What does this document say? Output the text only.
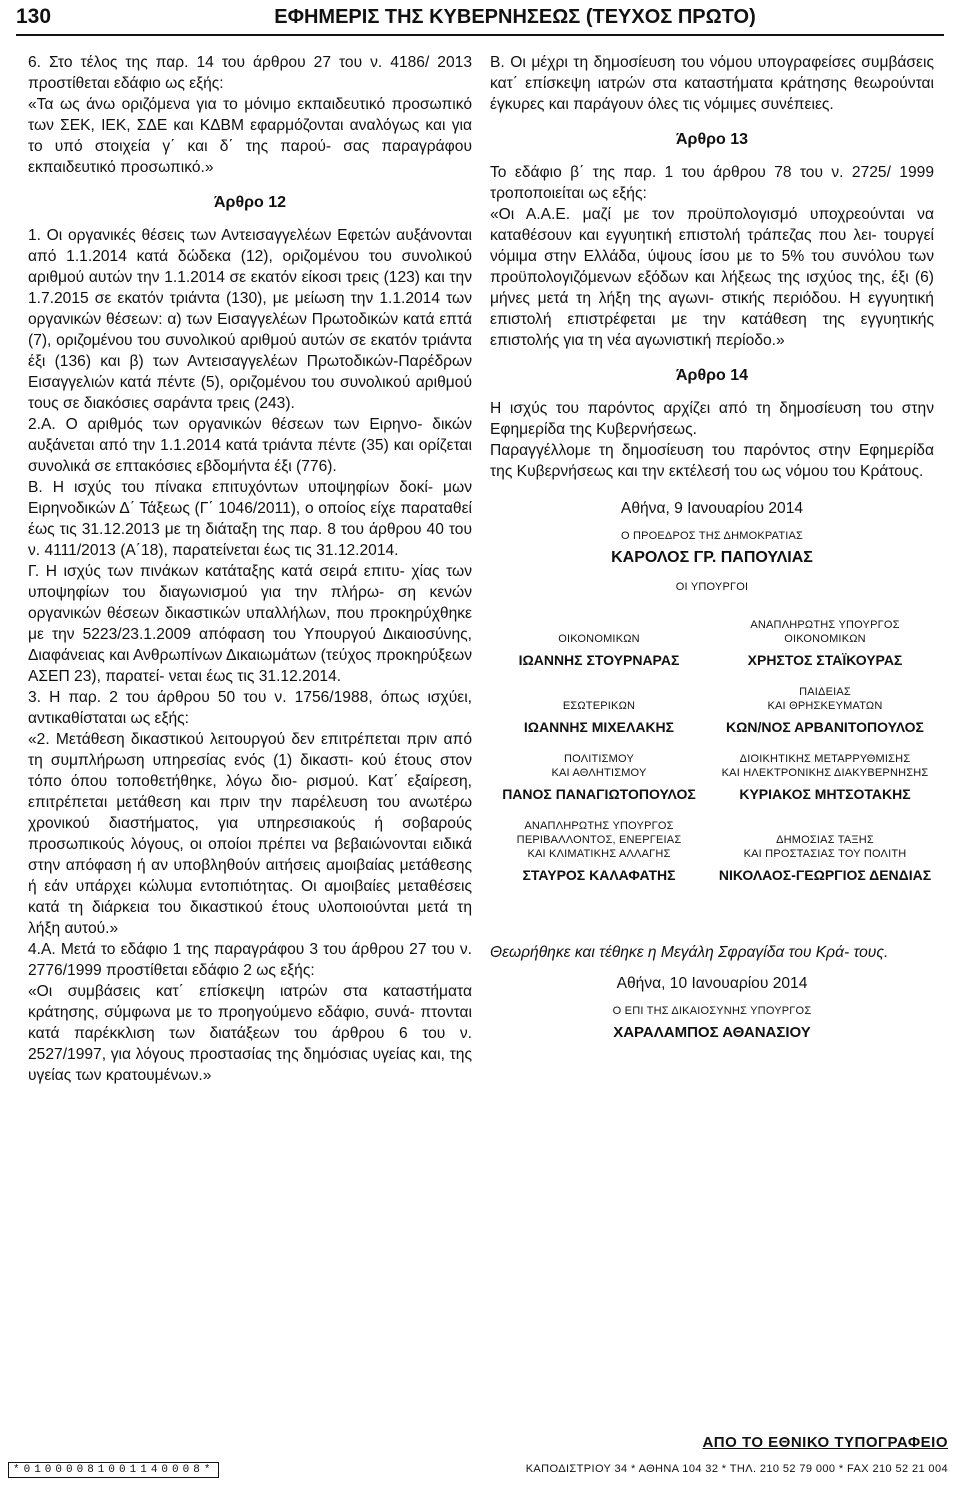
130	ΕΦΗΜΕΡΙΣ ΤΗΣ ΚΥΒΕΡΝΗΣΕΩΣ (ΤΕΥΧΟΣ ΠΡΩΤΟ)

6. Στο τέλος της παρ. 14 του άρθρου 27 του ν. 4186/ 2013 προστίθεται εδάφιο ως εξής:

«Τα ως άνω οριζόμενα για το μόνιμο εκπαιδευτικό προσωπικό των ΣΕΚ, ΙΕΚ, ΣΔΕ και ΚΔΒΜ εφαρμόζονται αναλόγως και για το υπό στοιχεία γ΄ και δ΄ της παρού- σας παραγράφου εκπαιδευτικό προσωπικό.»

Άρθρο 12

1. Οι οργανικές θέσεις των Αντεισαγγελέων Εφετών αυξάνονται από 1.1.2014 κατά δώδεκα (12), οριζομένου του συνολικού αριθμού αυτών την 1.1.2014 σε εκατόν είκοσι τρεις (123) και την 1.7.2015 σε εκατόν τριάντα (130), με μείωση την 1.1.2014 των οργανικών θέσεων: α) των Εισαγγελέων Πρωτοδικών κατά επτά (7), οριζομένου του συνολικού αριθμού αυτών σε εκατόν τριάντα έξι (136) και β) των Αντεισαγγελέων Πρωτοδικών-Παρέδρων Εισαγγελιών κατά πέντε (5), οριζομένου του συνολικού αριθμού τους σε διακόσιες σαράντα τρεις (243).

2.Α. Ο αριθμός των οργανικών θέσεων των Ειρηνο- δικών αυξάνεται από την 1.1.2014 κατά τριάντα πέντε (35) και ορίζεται συνολικά σε επτακόσιες εβδομήντα έξι (776).

Β. Η ισχύς του πίνακα επιτυχόντων υποψηφίων δοκί- μων Ειρηνοδικών Δ΄ Τάξεως (Γ΄ 1046/2011), ο οποίος είχε παραταθεί έως τις 31.12.2013 με τη διάταξη της παρ. 8 του άρθρου 40 του ν. 4111/2013 (Α΄18), παρατείνεται έως τις 31.12.2014.

Γ. Η ισχύς των πινάκων κατάταξης κατά σειρά επιτυ- χίας των υποψηφίων του διαγωνισμού για την πλήρω- ση κενών οργανικών θέσεων δικαστικών υπαλλήλων, που προκηρύχθηκε με την 5223/23.1.2009 απόφαση του Υπουργού Δικαιοσύνης, Διαφάνειας και Ανθρωπίνων Δικαιωμάτων (τεύχος προκηρύξεων ΑΣΕΠ 23), παρατεί- νεται έως τις 31.12.2014.

3. Η παρ. 2 του άρθρου 50 του ν. 1756/1988, όπως ισχύει, αντικαθίσταται ως εξής:

«2. Μετάθεση δικαστικού λειτουργού δεν επιτρέπεται πριν από τη συμπλήρωση υπηρεσίας ενός (1) δικαστι- κού έτους στον τόπο όπου τοποθετήθηκε, λόγω διο- ρισμού. Κατ΄ εξαίρεση, επιτρέπεται μετάθεση και πριν την παρέλευση του ανωτέρω χρονικού διαστήματος, για υπηρεσιακούς ή σοβαρούς προσωπικούς λόγους, οι οποίοι πρέπει να βεβαιώνονται ειδικά στην απόφαση ή αν υποβληθούν αιτήσεις αμοιβαίας μετάθεσης ή εάν υπάρχει κώλυμα εντοπιότητας. Οι αμοιβαίες μεταθέσεις κατά τη διάρκεια του δικαστικού έτους υλοποιούνται μετά τη λήξη αυτού.»

4.Α. Μετά το εδάφιο 1 της παραγράφου 3 του άρθρου 27 του ν. 2776/1999 προστίθεται εδάφιο 2 ως εξής:

«Οι συμβάσεις κατ΄ επίσκεψη ιατρών στα καταστήματα κράτησης, σύμφωνα με το προηγούμενο εδάφιο, συνά- πτονται κατά παρέκκλιση των διατάξεων του άρθρου 6 του ν. 2527/1997, για λόγους προστασίας της δημόσιας υγείας και, της υγείας των κρατουμένων.»

Β. Οι μέχρι τη δημοσίευση του νόμου υπογραφείσες συμβάσεις κατ΄ επίσκεψη ιατρών στα καταστήματα κράτησης θεωρούνται έγκυρες και παράγουν όλες τις νόμιμες συνέπειες.

Άρθρο 13

Το εδάφιο β΄ της παρ. 1 του άρθρου 78 του ν. 2725/ 1999 τροποποιείται ως εξής:

«Οι Α.Α.Ε. μαζί με τον προϋπολογισμό υποχρεούνται να καταθέσουν και εγγυητική επιστολή τράπεζας που λει- τουργεί νόμιμα στην Ελλάδα, ύψους ίσου με το 5% του συνόλου των προϋπολογιζόμενων εξόδων και λήξεως της ισχύος της, έξι (6) μήνες μετά τη λήξη της αγωνι- στικής περιόδου. Η εγγυητική επιστολή επιστρέφεται με την κατάθεση της εγγυητικής επιστολής για τη νέα αγωνιστική περίοδο.»

Άρθρο 14

Η ισχύς του παρόντος αρχίζει από τη δημοσίευση του στην Εφημερίδα της Κυβερνήσεως.

Παραγγέλλομε τη δημοσίευση του παρόντος στην Εφημερίδα της Κυβερνήσεως και την εκτέλεσή του ως νόμου του Κράτους.

Αθήνα, 9 Ιανουαρίου 2014
Ο ΠΡΟΕΔΡΟΣ ΤΗΣ ΔΗΜΟΚΡΑΤΙΑΣ
ΚΑΡΟΛΟΣ ΓΡ. ΠΑΠΟΥΛΙΑΣ
ΟΙ ΥΠΟΥΡΓΟΙ
ΟΙΚΟΝΟΜΙΚΩΝ
ΙΩΑΝΝΗΣ ΣΤΟΥΡΝΑΡΑΣ
ΑΝΑΠΛΗΡΩΤΗΣ ΥΠΟΥΡΓΟΣ
ΟΙΚΟΝΟΜΙΚΩΝ
ΧΡΗΣΤΟΣ ΣΤΑΪΚΟΥΡΑΣ
ΕΣΩΤΕΡΙΚΩΝ
ΙΩΑΝΝΗΣ ΜΙΧΕΛΑΚΗΣ
ΠΑΙΔΕΙΑΣ
ΚΑΙ ΘΡΗΣΚΕΥΜΑΤΩΝ
ΚΩΝ/ΝΟΣ ΑΡΒΑΝΙΤΟΠΟΥΛΟΣ
ΠΟΛΙΤΙΣΜΟΥ
ΚΑΙ ΑΘΛΗΤΙΣΜΟΥ
ΠΑΝΟΣ ΠΑΝΑΓΙΩΤΟΠΟΥΛΟΣ
ΔΙΟΙΚΗΤΙΚΗΣ ΜΕΤΑΡΡΥΘΜΙΣΗΣ
ΚΑΙ ΗΛΕΚΤΡΟΝΙΚΗΣ ΔΙΑΚΥΒΕΡΝΗΣΗΣ
ΚΥΡΙΑΚΟΣ ΜΗΤΣΟΤΑΚΗΣ
ΑΝΑΠΛΗΡΩΤΗΣ ΥΠΟΥΡΓΟΣ
ΠΕΡΙΒΑΛΛΟΝΤΟΣ, ΕΝΕΡΓΕΙΑΣ
ΚΑΙ ΚΛΙΜΑΤΙΚΗΣ ΑΛΛΑΓΗΣ
ΣΤΑΥΡΟΣ ΚΑΛΑΦΑΤΗΣ
ΔΗΜΟΣΙΑΣ ΤΑΞΗΣ
ΚΑΙ ΠΡΟΣΤΑΣΙΑΣ ΤΟΥ ΠΟΛΙΤΗ
ΝΙΚΟΛΑΟΣ-ΓΕΩΡΓΙΟΣ ΔΕΝΔΙΑΣ

Θεωρήθηκε και τέθηκε η Μεγάλη Σφραγίδα του Κρά- τους.

Αθήνα, 10 Ιανουαρίου 2014
Ο ΕΠΙ ΤΗΣ ΔΙΚΑΙΟΣΥΝΗΣ ΥΠΟΥΡΓΟΣ
ΧΑΡΑΛΑΜΠΟΣ ΑΘΑΝΑΣΙΟΥ
ΑΠΟ ΤΟ ΕΘΝΙΚΟ ΤΥΠΟΓΡΑΦΕΙΟ
*01000081001140008*	ΚΑΠΟΔΙΣΤΡΙΟΥ 34 * ΑΘΗΝΑ 104 32 * ΤΗΛ. 210 52 79 000 * FAX 210 52 21 004
